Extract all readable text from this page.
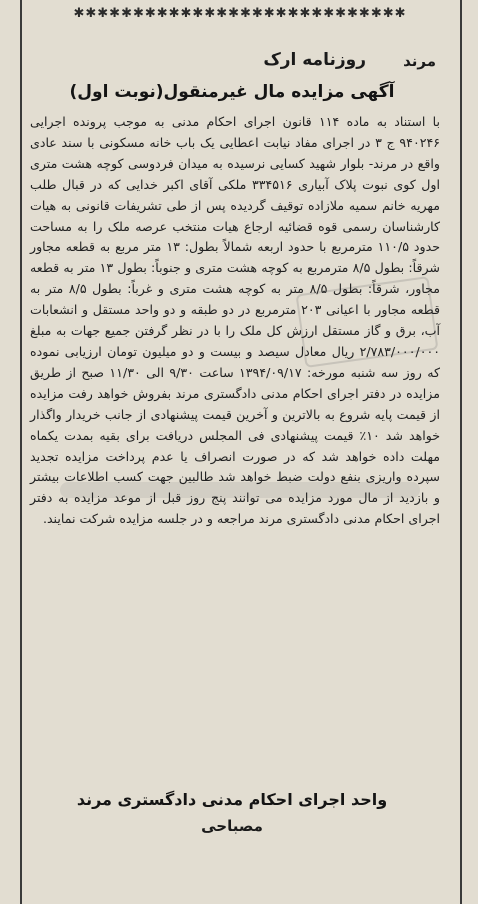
✱✱✱✱✱✱✱✱✱✱✱✱✱✱✱✱✱✱✱✱✱✱✱✱✱✱✱✱
مرند
روزنامه ارک
آگهی مزایده مال غیرمنقول(نوبت اول)
با استناد به ماده ۱۱۴ قانون اجرای احکام مدنی به موجب پرونده اجرایی ۹۴۰۲۴۶ ج ۳ در اجرای مفاد نیابت اعطایی یک باب خانه مسکونی با سند عادی واقع در مرند- بلوار شهید کسایی نرسیده به میدان فردوسی کوچه هشت متری اول کوی نبوت پلاک آبیاری ۳۳۴۵۱۶ ملکی آقای اکبر خدایی که در قبال طلب مهریه خانم سمیه ملازاده توقیف گردیده پس از طی تشریفات قانونی به هیات کارشناسان رسمی قوه قضائیه ارجاع هیات منتخب عرصه ملک را به مساحت حدود ۱۱۰/۵ مترمربع با حدود اربعه شمالاً بطول: ۱۳ متر مربع به قطعه مجاور شرقاً: بطول ۸/۵ مترمربع به کوچه هشت متری و جنوباً: بطول ۱۳ متر به قطعه مجاور، شرقاً: بطول ۸/۵ متر به کوچه هشت متری و غرباً: بطول ۸/۵ متر به قطعه مجاور با اعیانی ۲۰۳ مترمربع در دو طبقه و دو واحد مستقل و انشعابات آب، برق و گاز مستقل ارزش کل ملک را با در نظر گرفتن جمیع جهات به مبلغ ۲/۷۸۳/۰۰۰/۰۰۰ ریال معادل سیصد و بیست و دو میلیون تومان ارزیابی نموده که روز سه شنبه مورخه: ۱۳۹۴/۰۹/۱۷ ساعت ۹/۳۰ الی ۱۱/۳۰ صبح از طریق مزایده در دفتر اجرای احکام مدنی دادگستری مرند بفروش خواهد رفت مزایده از قیمت پایه شروع به بالاترین و آخرین قیمت پیشنهادی از جانب خریدار واگذار خواهد شد ۱۰٪ قیمت پیشنهادی فی المجلس دریافت برای بقیه بمدت یکماه مهلت داده خواهد شد که در صورت انصراف یا عدم پرداخت مزایده تجدید سپرده واریزی بنفع دولت ضبط خواهد شد طالبین جهت کسب اطلاعات بیشتر و بازدید از مال مورد مزایده می توانند پنج روز قبل از موعد مزایده به دفتر اجرای احکام مدنی دادگستری مرند مراجعه و در جلسه مزایده شرکت نمایند.
واحد اجرای احکام مدنی دادگستری مرند
مصباحی
